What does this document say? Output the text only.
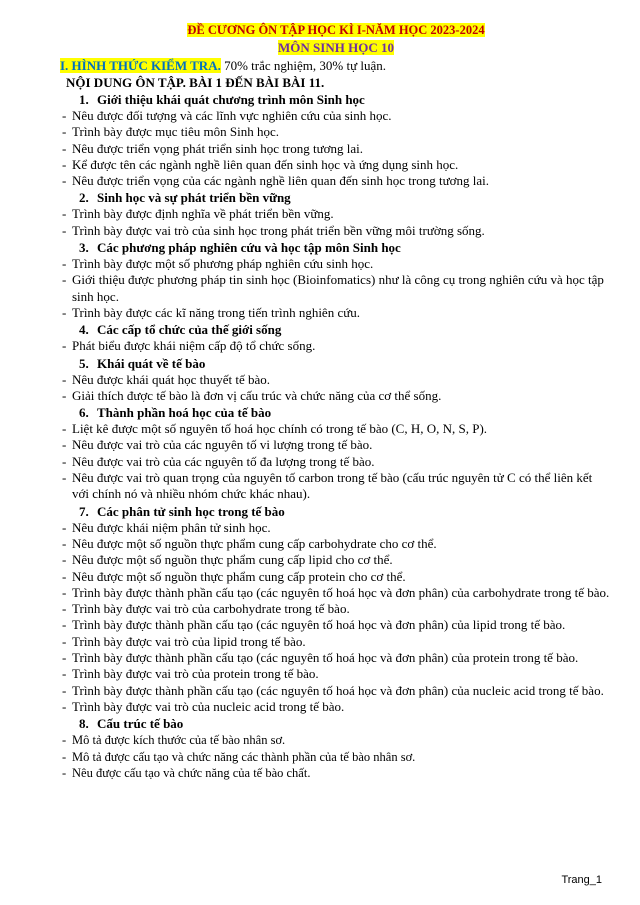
ĐỀ CƯƠNG ÔN TẬP HỌC KÌ I-NĂM HỌC 2023-2024
MÔN SINH HỌC 10
I. HÌNH THỨC KIỂM TRA. 70% trắc nghiệm, 30% tự luận.
NỘI DUNG ÔN TẬP. BÀI 1 ĐẾN BÀI BÀI 11.
1. Giới thiệu khái quát chương trình môn Sinh học
- Nêu được đối tượng và các lĩnh vực nghiên cứu của sinh học.
- Trình bày được mục tiêu môn Sinh học.
- Nêu được triển vọng phát triển sinh học trong tương lai.
- Kể được tên các ngành nghề liên quan đến sinh học và ứng dụng sinh học.
- Nêu được triển vọng của các ngành nghề liên quan đến sinh học trong tương lai.
2. Sinh học và sự phát triển bền vững
- Trình bày được định nghĩa về phát triển bền vững.
- Trình bày được vai trò của sinh học trong phát triển bền vững môi trường sống.
3. Các phương pháp nghiên cứu và học tập môn Sinh học
- Trình bày được một số phương pháp nghiên cứu sinh học.
- Giới thiệu được phương pháp tin sinh học (Bioinfomatics) như là công cụ trong nghiên cứu và học tập sinh học.
- Trình bày được các kĩ năng trong tiến trình nghiên cứu.
4. Các cấp tổ chức của thế giới sống
- Phát biểu được khái niệm cấp độ tổ chức sống.
5. Khái quát về tế bào
- Nêu được khái quát học thuyết tế bào.
- Giải thích được tế bào là đơn vị cấu trúc và chức năng của cơ thể sống.
6. Thành phần hoá học của tế bào
- Liệt kê được một số nguyên tố hoá học chính có trong tế bào (C, H, O, N, S, P).
- Nêu được vai trò của các nguyên tố vi lượng trong tế bào.
- Nêu được vai trò của các nguyên tố đa lượng trong tế bào.
- Nêu được vai trò quan trọng của nguyên tố carbon trong tế bào (cấu trúc nguyên tử C có thể liên kết với chính nó và nhiều nhóm chức khác nhau).
7. Các phân tử sinh học trong tế bào
- Nêu được khái niệm phân tử sinh học.
- Nêu được một số nguồn thực phẩm cung cấp carbohydrate cho cơ thể.
- Nêu được một số nguồn thực phẩm cung cấp lipid cho cơ thể.
- Nêu được một số nguồn thực phẩm cung cấp protein cho cơ thể.
- Trình bày được thành phần cấu tạo (các nguyên tố hoá học và đơn phân) của carbohydrate trong tế bào.
- Trình bày được vai trò của carbohydrate trong tế bào.
- Trình bày được thành phần cấu tạo (các nguyên tố hoá học và đơn phân) của lipid trong tế bào.
- Trình bày được vai trò của lipid trong tế bào.
- Trình bày được thành phần cấu tạo (các nguyên tố hoá học và đơn phân) của protein trong tế bào.
- Trình bày được vai trò của protein trong tế bào.
- Trình bày được thành phần cấu tạo (các nguyên tố hoá học và đơn phân) của nucleic acid trong tế bào.
- Trình bày được vai trò của nucleic acid trong tế bào.
8. Cấu trúc tế bào
- Mô tả được kích thước của tế bào nhân sơ.
- Mô tả được cấu tạo và chức năng các thành phần của tế bào nhân sơ.
- Nêu được cấu tạo và chức năng của tế bào chất.
Trang_1
